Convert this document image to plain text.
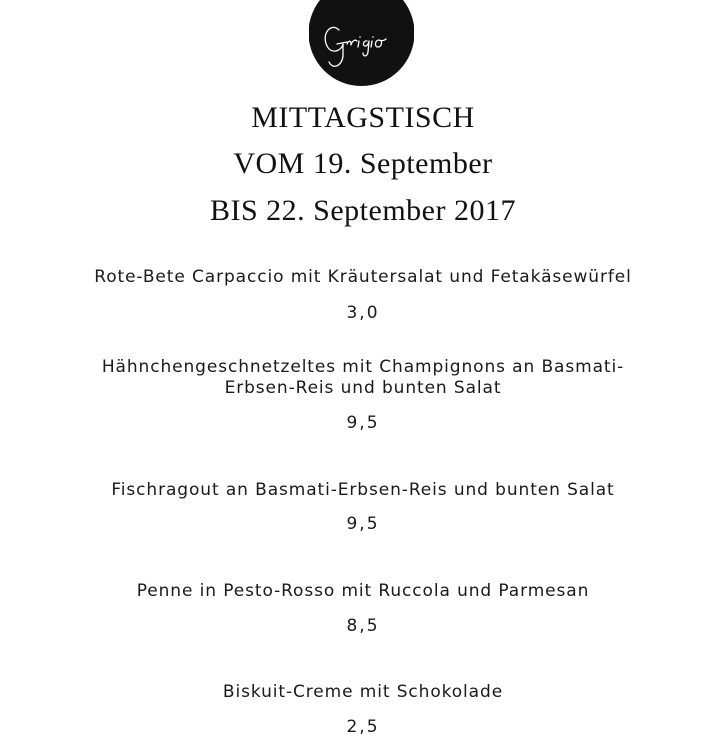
MITTAGSTISCH
VOM 19. September
BIS 22. September 2017
Rote-Bete Carpaccio mit Kräutersalat und Fetakäsewürfel
3,0
Hähnchengeschnetzeltes mit Champignons an Basmati-
Erbsen-Reis und bunten Salat
9,5
Fischragout an Basmati-Erbsen-Reis und bunten Salat
9,5
Penne in Pesto-Rosso mit Ruccola und Parmesan
8,5
Biskuit-Creme mit Schokolade
2,5
